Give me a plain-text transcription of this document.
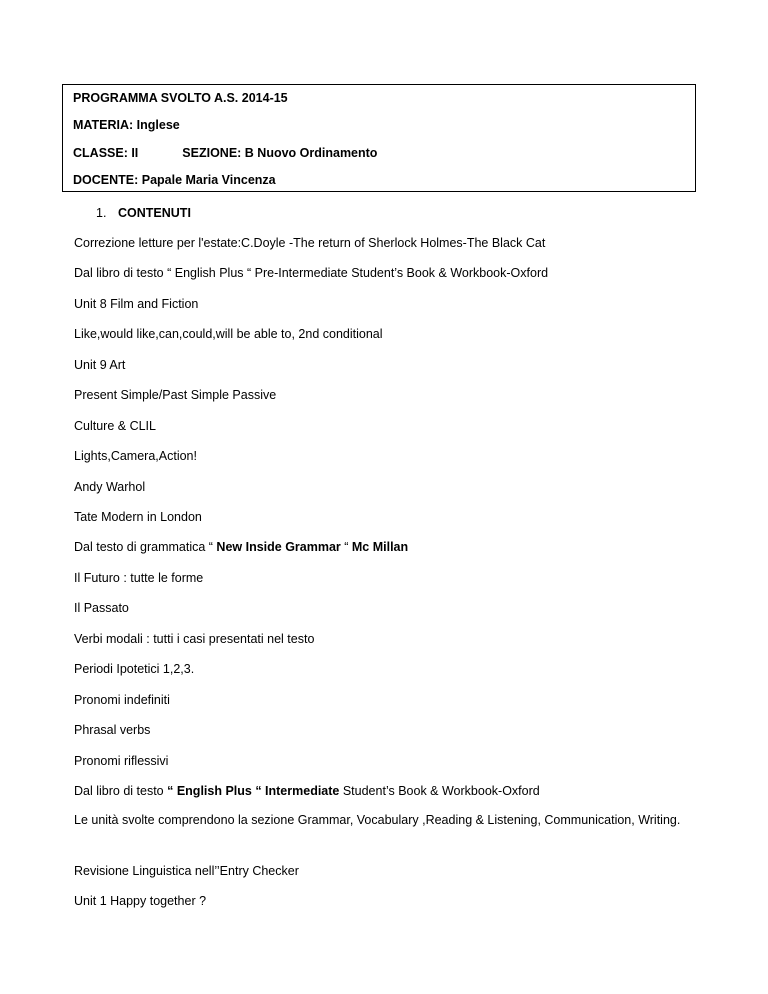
PROGRAMMA SVOLTO A.S. 2014-15
MATERIA: Inglese
CLASSE: II	SEZIONE: B Nuovo Ordinamento
DOCENTE: Papale Maria Vincenza
1. CONTENUTI
Correzione letture per l'estate:C.Doyle -The return of Sherlock Holmes-The Black Cat
Dal libro di testo “ English Plus “ Pre-Intermediate Student’s Book & Workbook-Oxford
Unit 8 Film and Fiction
Like,would like,can,could,will be able to, 2nd conditional
Unit 9 Art
Present Simple/Past Simple Passive
Culture & CLIL
Lights,Camera,Action!
Andy Warhol
Tate Modern in London
Dal testo di grammatica “ New Inside Grammar “ Mc Millan
Il Futuro : tutte le forme
Il Passato
Verbi modali : tutti i casi presentati nel testo
Periodi Ipotetici 1,2,3.
Pronomi indefiniti
Phrasal verbs
Pronomi riflessivi
Dal libro di testo “ English Plus “ Intermediate Student’s Book & Workbook-Oxford
Le unità svolte comprendono la sezione Grammar, Vocabulary ,Reading & Listening, Communication, Writing.
Revisione Linguistica nell’’Entry Checker
Unit 1 Happy together ?
